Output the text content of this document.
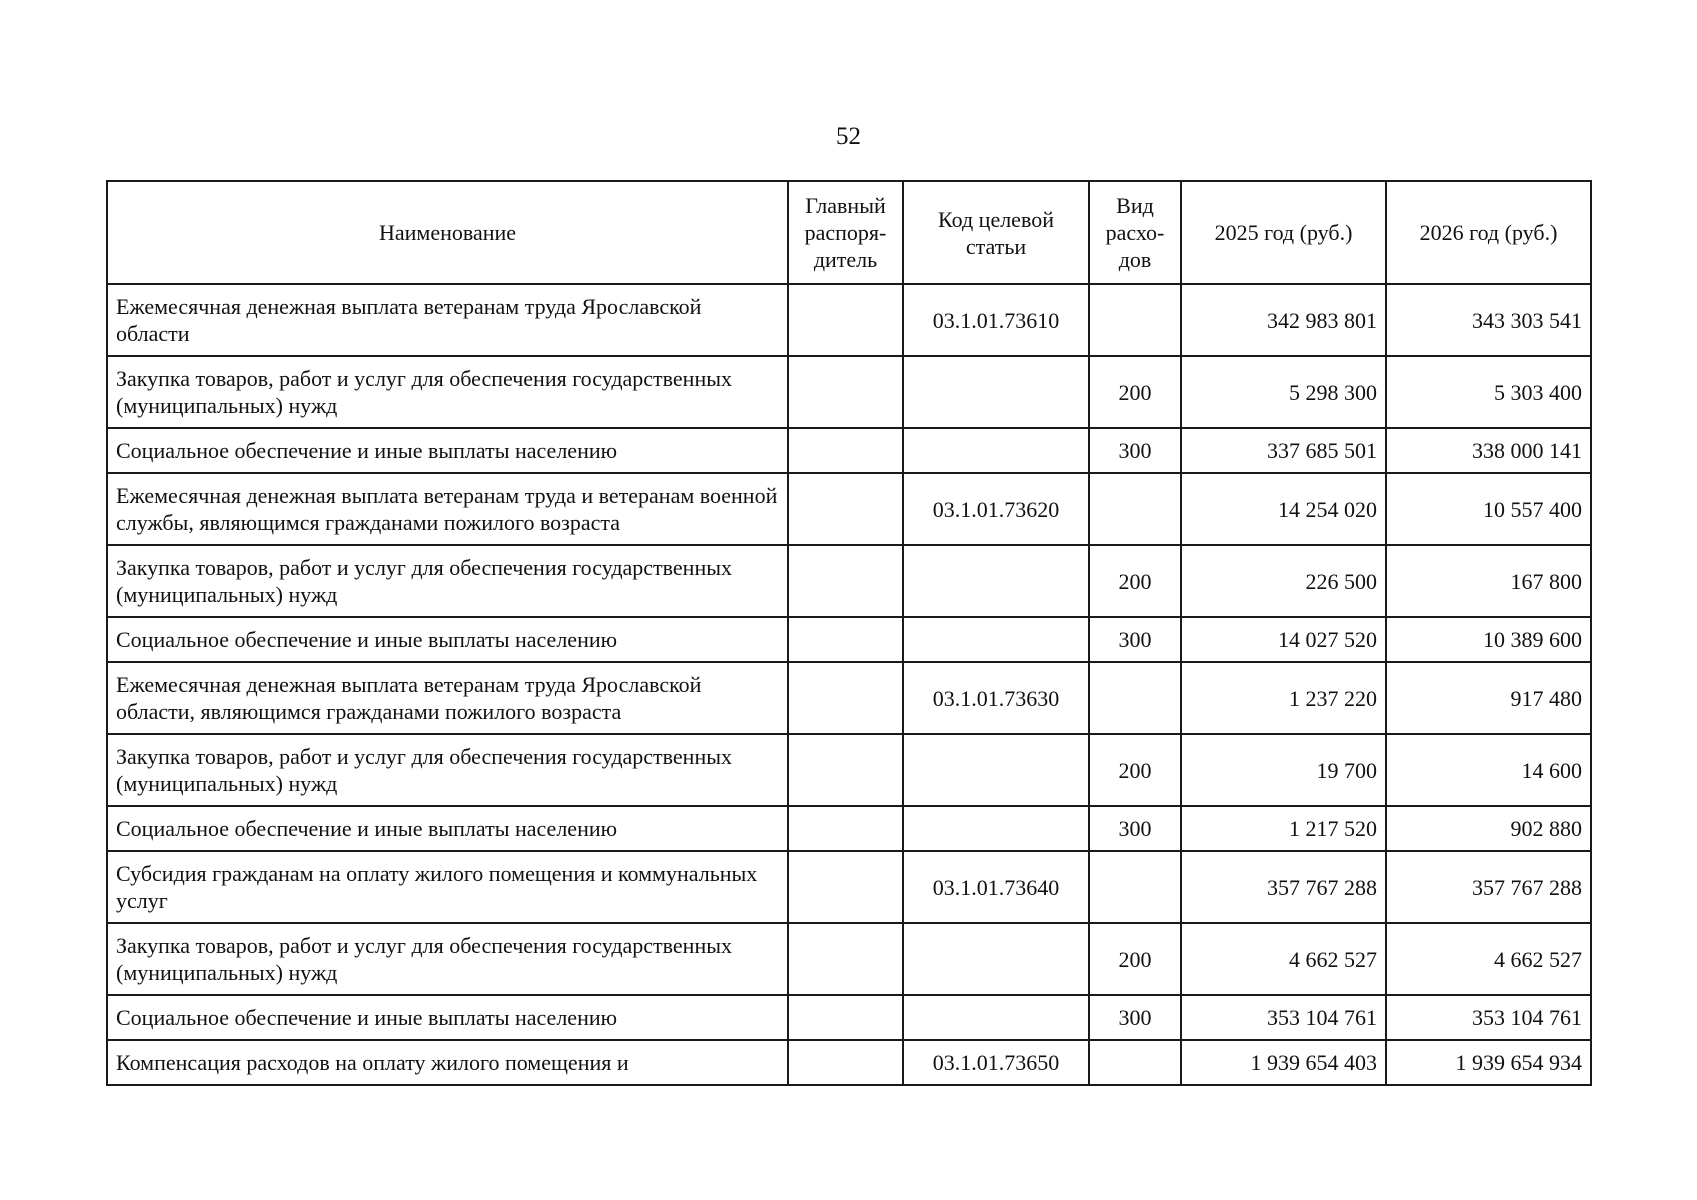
52
Наименование	Главный распоря-дитель	Код целевой статьи	Вид расхо-дов	2025 год (руб.)	2026 год (руб.)
Ежемесячная денежная выплата ветеранам труда Ярославской области		03.1.01.73610		342 983 801	343 303 541
Закупка товаров, работ и услуг для обеспечения государственных (муниципальных) нужд			200	5 298 300	5 303 400
Социальное обеспечение и иные выплаты населению			300	337 685 501	338 000 141
Ежемесячная денежная выплата ветеранам труда и ветеранам военной службы, являющимся гражданами пожилого возраста		03.1.01.73620		14 254 020	10 557 400
Закупка товаров, работ и услуг для обеспечения государственных (муниципальных) нужд			200	226 500	167 800
Социальное обеспечение и иные выплаты населению			300	14 027 520	10 389 600
Ежемесячная денежная выплата ветеранам труда Ярославской области, являющимся гражданами пожилого возраста		03.1.01.73630		1 237 220	917 480
Закупка товаров, работ и услуг для обеспечения государственных (муниципальных) нужд			200	19 700	14 600
Социальное обеспечение и иные выплаты населению			300	1 217 520	902 880
Субсидия гражданам на оплату жилого помещения и коммунальных услуг		03.1.01.73640		357 767 288	357 767 288
Закупка товаров, работ и услуг для обеспечения государственных (муниципальных) нужд			200	4 662 527	4 662 527
Социальное обеспечение и иные выплаты населению			300	353 104 761	353 104 761
Компенсация расходов на оплату жилого помещения и		03.1.01.73650		1 939 654 403	1 939 654 934
